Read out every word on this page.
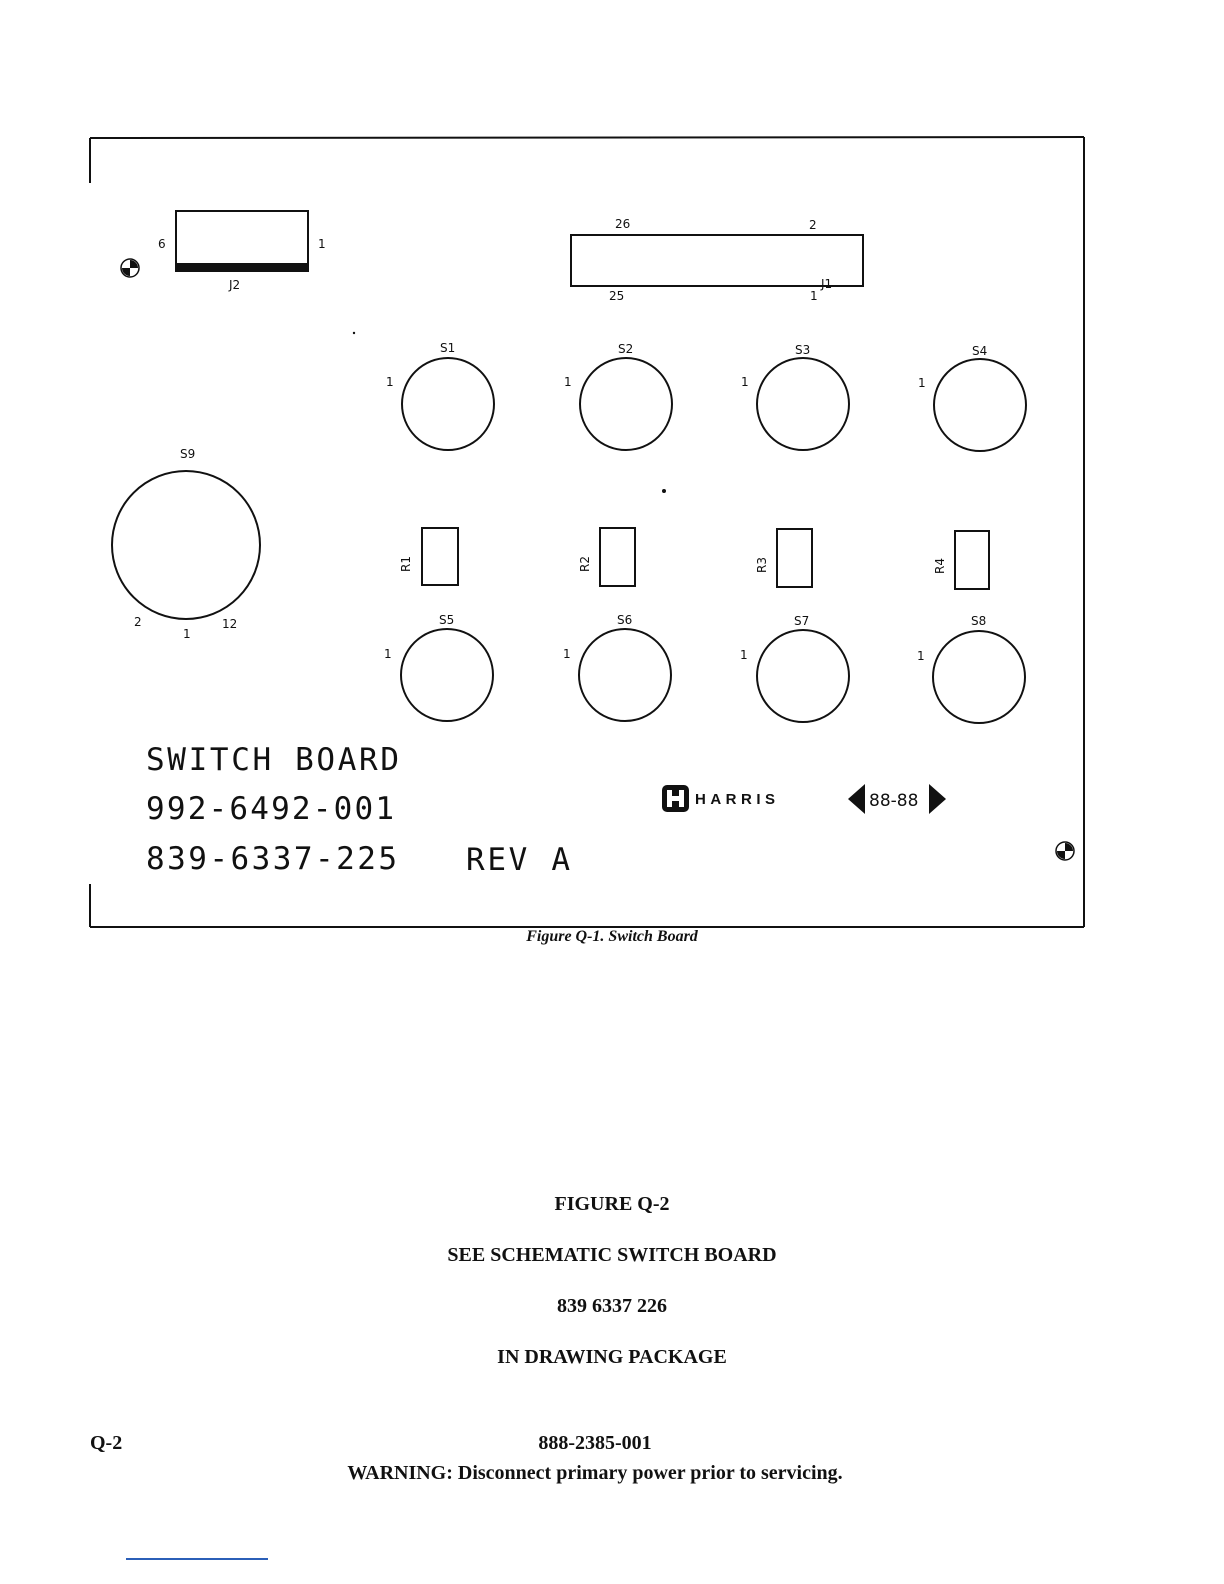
6	1
J2
26	2
25	1
J1
S1
1
S2
1
S3
1
S4
1
R1	R2	R3	R4
S5
1
S6
1
S7
1
S8
1
S9
2
1
12
SWITCH BOARD
992-6492-001
839-6337-225 REV A
HARRIS	88-88
Figure Q-1. Switch Board
FIGURE Q-2
SEE SCHEMATIC SWITCH BOARD
839 6337 226
IN DRAWING PACKAGE
Q-2	888-2385-001
WARNING: Disconnect primary power prior to servicing.
